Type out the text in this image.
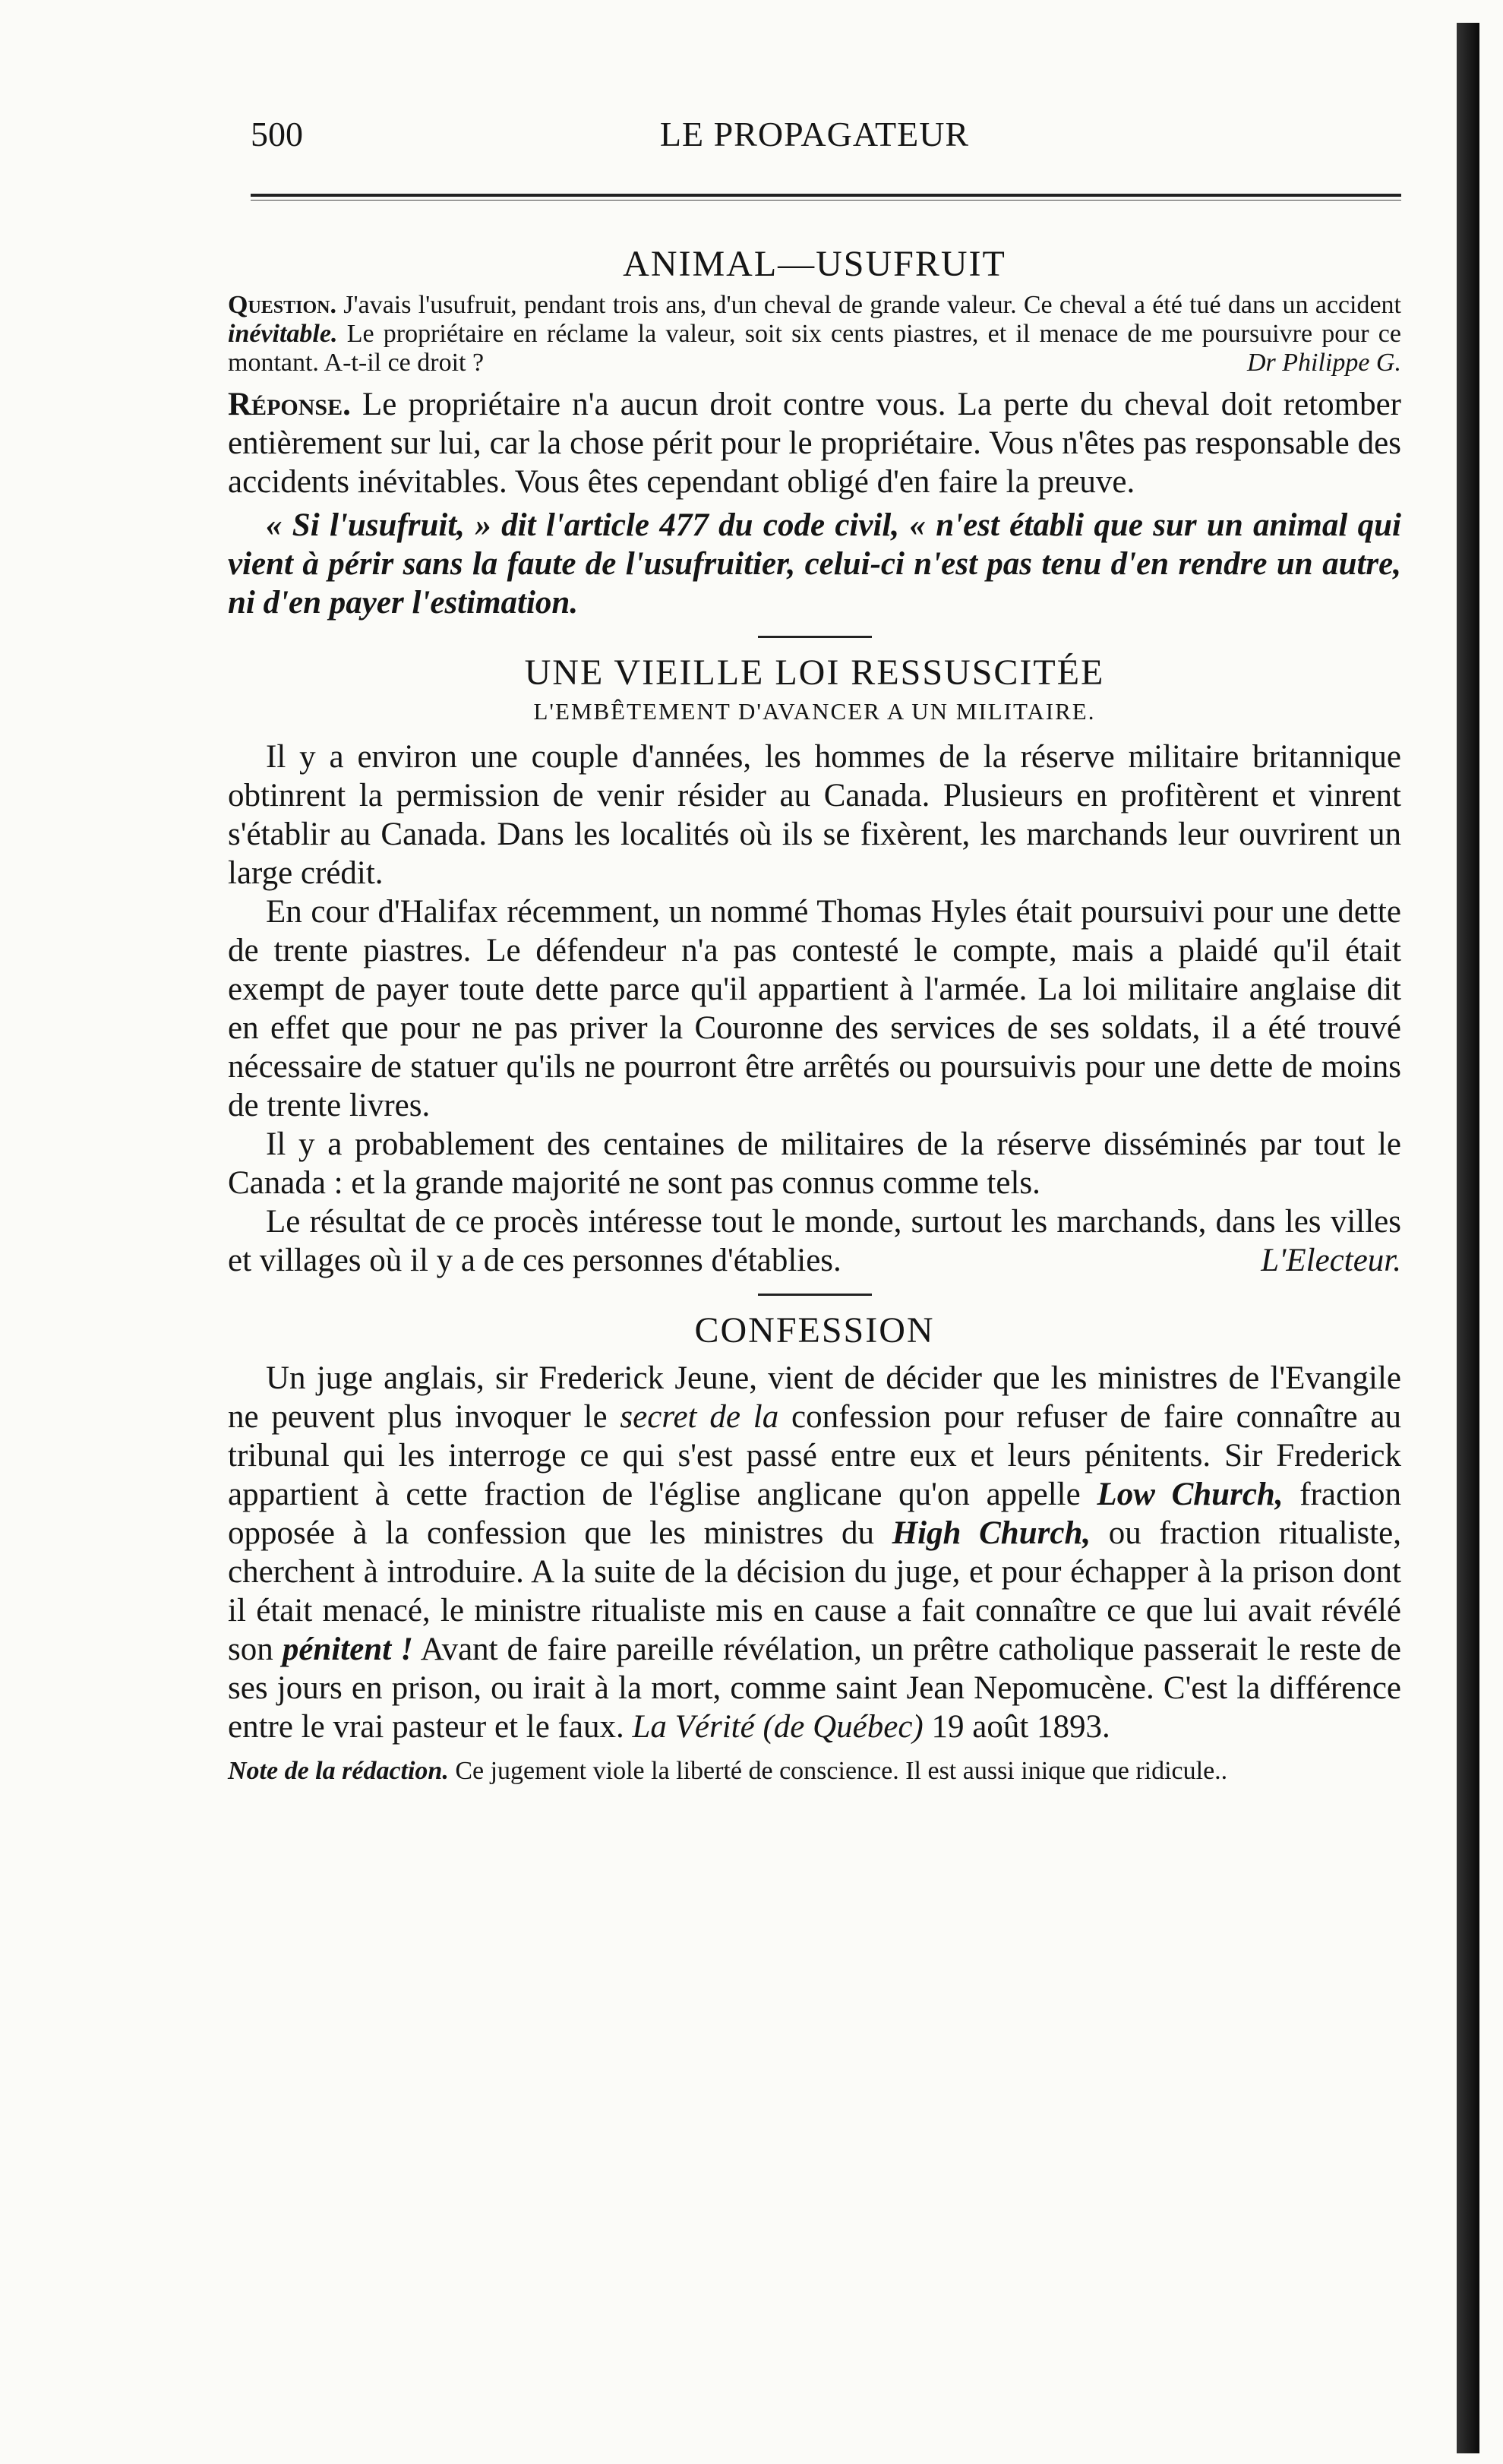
500	LE PROPAGATEUR
ANIMAL—USUFRUIT

Question. J'avais l'usufruit, pendant trois ans, d'un cheval de grande valeur. Ce cheval a été tué dans un accident inévitable. Le propriétaire en réclame la valeur, soit six cents piastres, et il menace de me poursuivre pour ce montant. A-t-il ce droit ?	Dr Philippe G.

Réponse. Le propriétaire n'a aucun droit contre vous. La perte du cheval doit retomber entièrement sur lui, car la chose périt pour le propriétaire. Vous n'êtes pas responsable des accidents inévitables. Vous êtes cependant obligé d'en faire la preuve.

« Si l'usufruit, » dit l'article 477 du code civil, « n'est établi que sur un animal qui vient à périr sans la faute de l'usufruitier, celui-ci n'est pas tenu d'en rendre un autre, ni d'en payer l'estimation.

UNE VIEILLE LOI RESSUSCITÉE
L'EMBÊTEMENT D'AVANCER A UN MILITAIRE.

Il y a environ une couple d'années, les hommes de la réserve militaire britannique obtinrent la permission de venir résider au Canada. Plusieurs en profitèrent et vinrent s'établir au Canada. Dans les localités où ils se fixèrent, les marchands leur ouvrirent un large crédit.

En cour d'Halifax récemment, un nommé Thomas Hyles était poursuivi pour une dette de trente piastres. Le défendeur n'a pas contesté le compte, mais a plaidé qu'il était exempt de payer toute dette parce qu'il appartient à l'armée. La loi militaire anglaise dit en effet que pour ne pas priver la Couronne des services de ses soldats, il a été trouvé nécessaire de statuer qu'ils ne pourront être arrêtés ou poursuivis pour une dette de moins de trente livres.

Il y a probablement des centaines de militaires de la réserve disséminés par tout le Canada : et la grande majorité ne sont pas connus comme tels.

Le résultat de ce procès intéresse tout le monde, surtout les marchands, dans les villes et villages où il y a de ces personnes d'établies.	L'Electeur.

CONFESSION

Un juge anglais, sir Frederick Jeune, vient de décider que les ministres de l'Evangile ne peuvent plus invoquer le secret de la confession pour refuser de faire connaître au tribunal qui les interroge ce qui s'est passé entre eux et leurs pénitents. Sir Frederick appartient à cette fraction de l'église anglicane qu'on appelle Low Church, fraction opposée à la confession que les ministres du High Church, ou fraction ritualiste, cherchent à introduire. A la suite de la décision du juge, et pour échapper à la prison dont il était menacé, le ministre ritualiste mis en cause a fait connaître ce que lui avait révélé son pénitent ! Avant de faire pareille révélation, un prêtre catholique passerait le reste de ses jours en prison, ou irait à la mort, comme saint Jean Nepomucène. C'est la différence entre le vrai pasteur et le faux. La Vérité (de Québec) 19 août 1893.

Note de la rédaction. Ce jugement viole la liberté de conscience. Il est aussi inique que ridicule..
